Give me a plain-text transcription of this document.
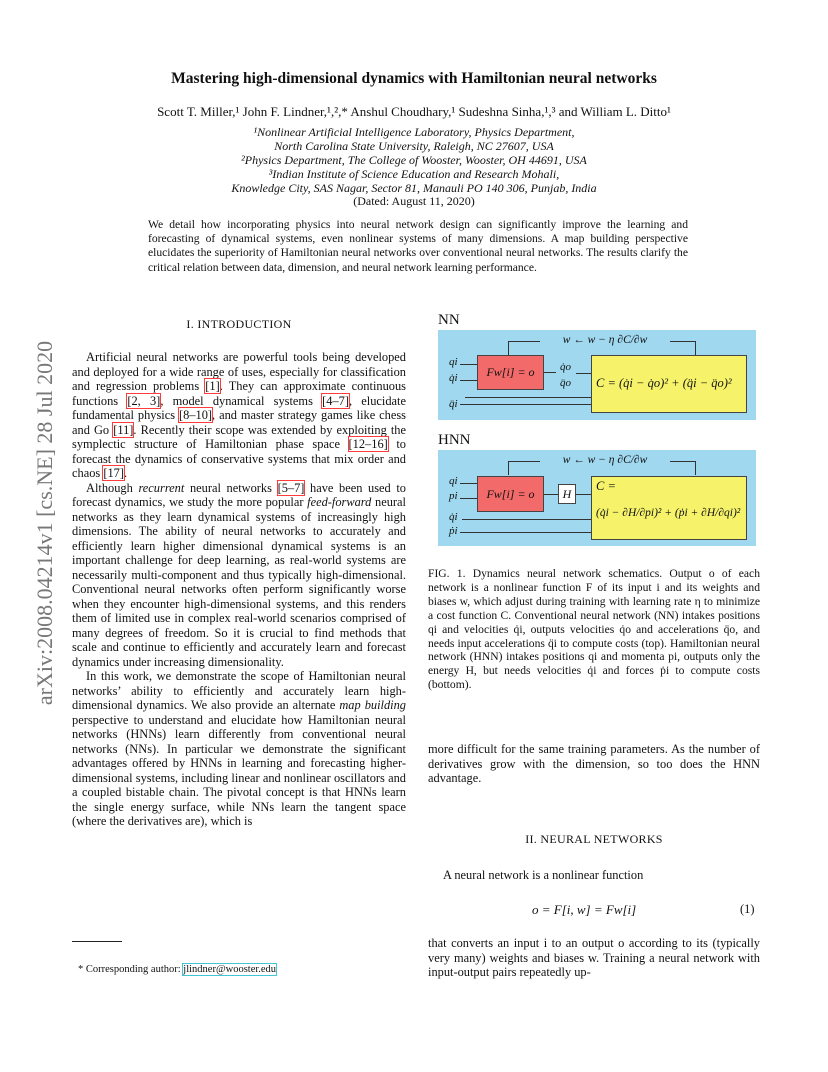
arXiv:2008.04214v1 [cs.NE] 28 Jul 2020
Mastering high-dimensional dynamics with Hamiltonian neural networks
Scott T. Miller,¹ John F. Lindner,¹,²,* Anshul Choudhary,¹ Sudeshna Sinha,¹,³ and William L. Ditto¹
¹Nonlinear Artificial Intelligence Laboratory, Physics Department,
North Carolina State University, Raleigh, NC 27607, USA
²Physics Department, The College of Wooster, Wooster, OH 44691, USA
³Indian Institute of Science Education and Research Mohali,
Knowledge City, SAS Nagar, Sector 81, Manauli PO 140 306, Punjab, India
(Dated: August 11, 2020)
We detail how incorporating physics into neural network design can significantly improve the learning and forecasting of dynamical systems, even nonlinear systems of many dimensions. A map building perspective elucidates the superiority of Hamiltonian neural networks over conventional neural networks. The results clarify the critical relation between data, dimension, and neural network learning performance.
I. INTRODUCTION

Artificial neural networks are powerful tools being developed and deployed for a wide range of uses, especially for classification and regression problems [1]. They can approximate continuous functions [2, 3], model dynamical systems [4–7], elucidate fundamental physics [8–10], and master strategy games like chess and Go [11]. Recently their scope was extended by exploiting the symplectic structure of Hamiltonian phase space [12–16] to forecast the dynamics of conservative systems that mix order and chaos [17].

Although recurrent neural networks [5–7] have been used to forecast dynamics, we study the more popular feed-forward neural networks as they learn dynamical systems of increasingly high dimensions. The ability of neural networks to accurately and efficiently learn higher dimensional dynamical systems is an important challenge for deep learning, as real-world systems are necessarily multi-component and thus typically high-dimensional. Conventional neural networks often perform significantly worse when they encounter high-dimensional systems, and this renders them of limited use in complex real-world scenarios comprised of many degrees of freedom. So it is crucial to find methods that scale and continue to efficiently and accurately learn and forecast dynamics under increasing dimensionality.

In this work, we demonstrate the scope of Hamiltonian neural networks’ ability to efficiently and accurately learn high-dimensional dynamics. We also provide an alternate map building perspective to understand and elucidate how Hamiltonian neural networks (HNNs) learn differently from conventional neural networks (NNs). In particular we demonstrate the significant advantages offered by HNNs in learning and forecasting higher-dimensional systems, including linear and nonlinear oscillators and a coupled bistable chain. The pivotal concept is that HNNs learn the single energy surface, while NNs learn the tangent space (where the derivatives are), which is

* Corresponding author: jlindner@wooster.edu
NN
w ← w − η ∂C/∂w
qi
q̇i
q̈i
Fw[i] = o	q̇o
q̈o	C = (q̇i − q̇o)² + (q̈i − q̈o)²
HNN
w ← w − η ∂C/∂w
qi
pi
q̇i
ṗi
Fw[i] = o	H
C =
(q̇i − ∂H/∂pi)² + (ṗi + ∂H/∂qi)²
FIG. 1. Dynamics neural network schematics. Output o of each network is a nonlinear function F of its input i and its weights and biases w, which adjust during training with learning rate η to minimize a cost function C. Conventional neural network (NN) intakes positions qi and velocities q̇i, outputs velocities q̇o and accelerations q̈o, and needs input accelerations q̈i to compute costs (top). Hamiltonian neural network (HNN) intakes positions qi and momenta pi, outputs only the energy H, but needs velocities q̇i and forces ṗi to compute costs (bottom).
more difficult for the same training parameters. As the number of derivatives grow with the dimension, so too does the HNN advantage.
II. NEURAL NETWORKS
A neural network is a nonlinear function
o = F[i, w] = Fw[i]	(1)
that converts an input i to an output o according to its (typically very many) weights and biases w. Training a neural network with input-output pairs repeatedly up-
